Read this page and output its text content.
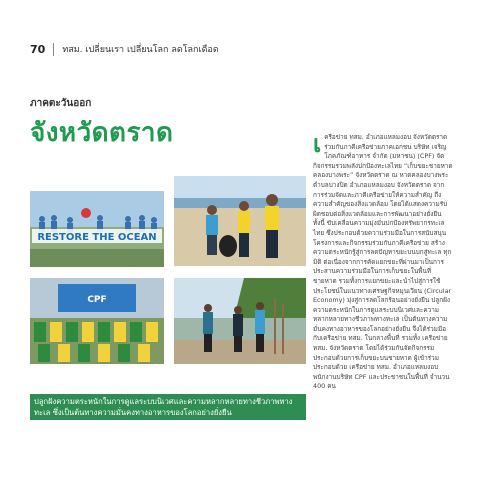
70 ทสม. เปลี่ยนเรา เปลี่ยนโลก ลดโลกเดือด
ภาคตะวันออก
จังหวัดตราด
RESTORE THE OCEAN
CPF
ปลูกฝังความตระหนักในการดูแลระบบนิเวศและความหลากหลายทางชีวภาพทางทะเล ซึ่งเป็นต้นทางความมั่นคงทางอาหารของโลกอย่างยั่งยืน
เครือข่าย ทสม. อำเภอแหลมงอบ จังหวัดตราด ร่วมกับภาคีเครือข่ายภาคเอกชน บริษัท เจริญโภคภัณฑ์อาหาร จำกัด (มหาชน) (CPF) จัดกิจกรรมรวมพลังปกป้องทะเลไทย “เก็บขยะชายหาดคลองบางพระ” จังหวัดตราด ณ หาดคลองบางพระ ตำบลบางปิด อำเภอแหลมงอบ จังหวัดตราด จากการร่วมจัดและภาคีเครือข่ายให้ความสำคัญ ถึงความสำคัญของสิ่งแวดล้อม โดยได้แสดงความรับผิดชอบต่อสิ่งแวดล้อมและการพัฒนาอย่างยั่งยืน ทั้งนี้ ขับเคลื่อนความมุ่งมั่นปกป้องทรัพยากรทะเลไทย ซึ่งประกอบด้วยความร่วมมือในการสนับสนุนโครงการและกิจกรรมร่วมกับภาคีเครือข่าย สร้างความตระหนักรู้สู่การลดปัญหาขยะบนบกสู่ทะเล ทุกมิติ ต่อเนื่องจากการคัดแยกขยะที่ผ่านมาเป็นการประสานความร่วมมือในการเก็บขยะในพื้นที่ชายหาด รวมทั้งการแยกขยะและนำไปสู่การใช้ประโยชน์ในแนวทางเศรษฐกิจหมุนเวียน (Circular Economy) มุ่งสู่การลดโลกร้อนอย่างยั่งยืน ปลูกฝังความตระหนักในการดูแลระบบนิเวศและความหลากหลายทางชีวภาพทางทะเล เป็นต้นทางความมั่นคงทางอาหารของโลกอย่างยั่งยืน จึงได้ร่วมมือกับเครือข่าย ทสม. ในกลางพื้นที่ รวมทั้ง เครือข่าย ทสม. จังหวัดตราด โดยได้ร่วมกันจัดกิจกรรมประกอบด้วยการเก็บขยะบนชายหาด ผู้เข้าร่วมประกอบด้วย เครือข่าย ทสม. อำเภอแหลมงอบ พนักงานบริษัท CPF และประชาชนในพื้นที่ จำนวน 400 คน
